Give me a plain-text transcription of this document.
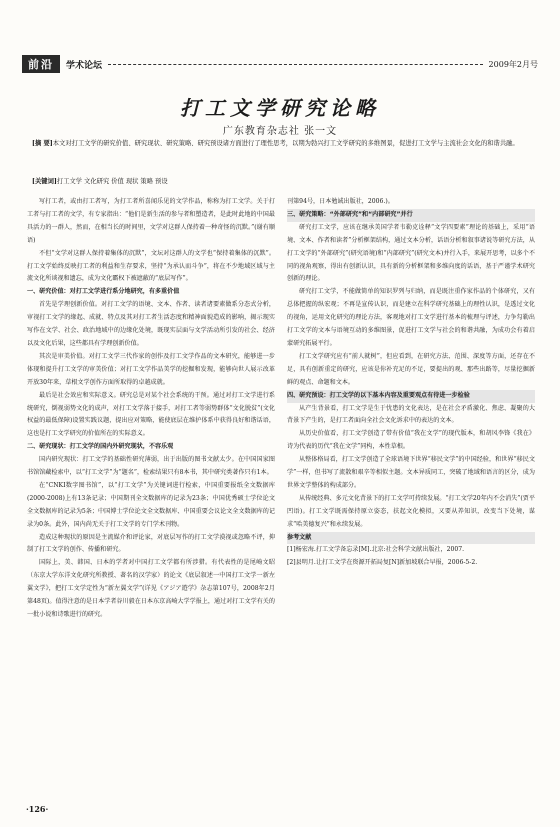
前沿	学术论坛	2009年2月号
打工文学研究论略
广东教育杂志社 张一文
[摘 要]本文对打工文学的研究价值、研究现状、研究策略、研究预设诸方面进行了理性思考，以期为勃兴打工文学研究的多维图景，促进打工文学与主流社会文化的和谐共融。
[关键词]打工文学 文化研究 价值 现状 策略 预设

写打工者，或由打工者写，为打工者所喜闻乐见的文学作品，称称为打工文学。关于打工者与打工者的文学，有专家指出：“他们是新生活的参与者和塑造者，是此时此地的中国最具活力的一群人，然而，在相当长的时间里，文学对这群人保持着一种奇怪的沉默。”(谢有顺语)

不但“文学对这群人保持着集体的沉默”，文坛对这群人的文学也“保持着集体的沉默”。打工文学始终反映打工者的利益和生存要求，坚持“为承认而斗争”，将在不少地域区域与主流文化所谈视和遗忘，成为文化霸权下被遮蔽的“底层写作”。

一、研究价值：对打工文学进行系分地研究，有多重价值

首先是学理创新价值。对打工文学的语境、文本、作者、读者诸要素做系分态式分析，审视打工文学的缘起、成就、特点及其对打工者生活态度和精神面貌造成的影响，揭示现实写作在文学、社会、政治地域中的边缘化处境，既现实层面与文学活动所引发的社会、经济以及文化后果，这些都具有学理创新价值。

其次是审美价值。对打工文学三代作家的创作及打工文学作品的文本研究，能够进一步体现和提升打工文学的审美价值；对打工文学作品美学的挖掘和发现，能够向世人展示改革开放30年来，草根文学创作方面所取得的卓越成就。

最后是社会效应和实际意义。研究总是对某个社会系统的干预。通过对打工文学进行系统研究，倒视弱势文化的成声，对打工文学落于接手，对打工者等弱势群体“文化脱贫”(文化权益的最低保障)设置实践议题，提出应对策略，能使底层在维护体系中获得良好和谐话语，这也是打工文学研究的价值所在的实际意义。

二、研究现状：打工文学的国内外研究现状，不容乐观

国内研究现状：打工文学的基础性研究薄弱，出于出版的图书文献太少。在中国国家图书馆馆藏检索中，以“打工文学”为“题名”，检索结果只有8本书，其中研究类著作只有1本。

在“CNKI数字图书馆”，以“打工文学”为关键词进行检索，中国重要报纸全文数据库(2000-2008)上有13条记录；中国期刊全文数据库的记录为23条；中国优秀硕士学位论文全文数据库的记录为5条；中国博士学位论文全文数据库、中国重要会议论文全文数据库的记录为0条。此外，国内尚无关于打工文学的专门学术刊物。

造成这种现状的原因是主流媒介和评论家，对底层写作的打工文学漠视或忽略不评，抑制了打工文学的创作、传播和研究。

国际上，美、韩国、日本的学者对中国打工文学都有所涉猎。有代表性的是尾崎文昭（东京大学东洋文化研究所教授、著名的汉学家）的论文《底层叙述一中国打工文学一新左翼文学》，把打工文学定性为“新左翼文学”(详见《アジア遊学》杂志第107号，2008年2月第48页)。值得注意的是日本学者谷川毅在日本东京高崎大学学报上，通过对打工文学有关的一批小说和诗歌进行的研究。

刊第94号，日本勉诚出版社，2006.)。

三、研究策略：“外部研究”和“内部研究”并行

研究打工文学，应该在继承美国学者韦勒克诠释“文学四要素”理论的基础上，采用“语境、文本、作者和读者”分析框架结构，通过文本分析，话语分析和叙事诸说等研究方法，从打工文学的“外部研究”(研究语境)和“内部研究”(研究文本)并行入手，来展开思考，以多个不同的视角观察，得出有创新认识，具有新的分析框架和多维向度的话语，基于严谨学术研究创新的理论。

研究打工文学，不能做简单的知识罗列与归纳，而是既注重作家作品的个体研究，又有总体把握的纵宏观；不再是宣传认识，而是建立在科学研究基础上的理性认识，是透过文化的视角，运用文化研究的理论方法，客观地对打工文学进行基本的梳理与评述，力争勾勒出打工文学的文本与语境互动的多维图景，促进打工文学与社会的和谐共融，为成功会有着启蒙研究拓展平行。

打工文学研究应有“前人就树”，但应看到，在研究方法、范围、深度等方面，还存在不足，具有创新重定的研究，应该是你补充足的不足，要提出的观、那些出路等，尽量挖掘新鲜的观点、命题和文本。

四、研究预设：打工文学的以下基本内容及重要观点有待进一步检验

从产生背景看，打工文学是生于忧患的文化表达，是在社会矛盾激化、焦虑、凝聚的大背景下产生的，是打工者面向全社会文化诉求中的表达的文本。

从历史价值看，打工文学创造了带有价值“我在文学”的现代版本，和胡风李锋《我在》诗为代表的历代“我在文学”同构，本性草根。

从整体格局看，打工文学创造了全球语境下世界“移民文学”的中国经验，和世界“移民文学”一样，但书写了流散和艰辛等相似主题。文本异质同工，突破了地域和语言的区分，成为世界文学整体的构成部分。

从传统经典、多元文化背景下的打工文学可持续发展。“打工文学20年内不会消失”(贾平凹语)。打工文学既需保持原立姿态，扶起文化模拟，又要从养知识，改变当下处境，谋求“哈美德复兴”和永续发展。

参考文献

[1]杨宏海.打工文学备忘录[M].北京:社会科学文献出版社，2007.

[2]县明月.让打工文学在资源开拓局复[N]新加坡联合早报，2006-5-2.

·126·
